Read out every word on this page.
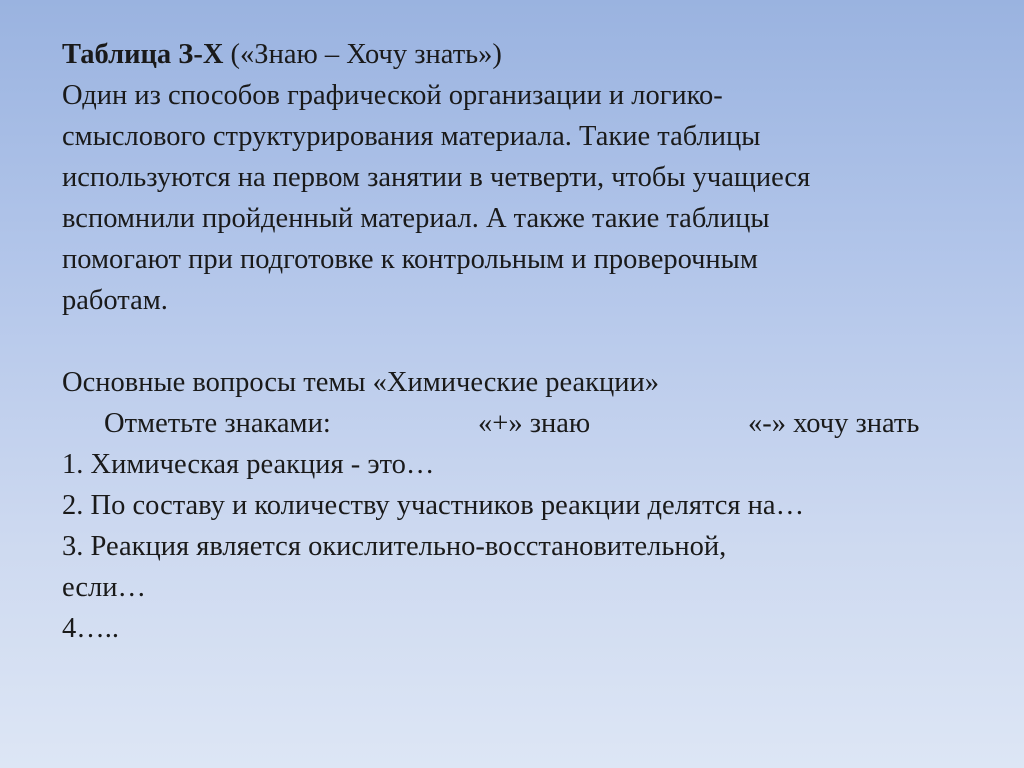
Таблица З-Х («Знаю – Хочу знать»)
Один из способов графической организации и логико-
смыслового структурирования материала. Такие таблицы
используются на первом занятии в четверти, чтобы учащиеся
вспомнили пройденный материал. А также такие таблицы
помогают при подготовке к контрольным и проверочным
работам.
Основные вопросы темы «Химические реакции»
Отметьте знаками:	«+» знаю	«-» хочу знать
1. Химическая реакция - это…
2. По составу и количеству участников реакции делятся на…
3. Реакция является окислительно-восстановительной,
если…
4…..
